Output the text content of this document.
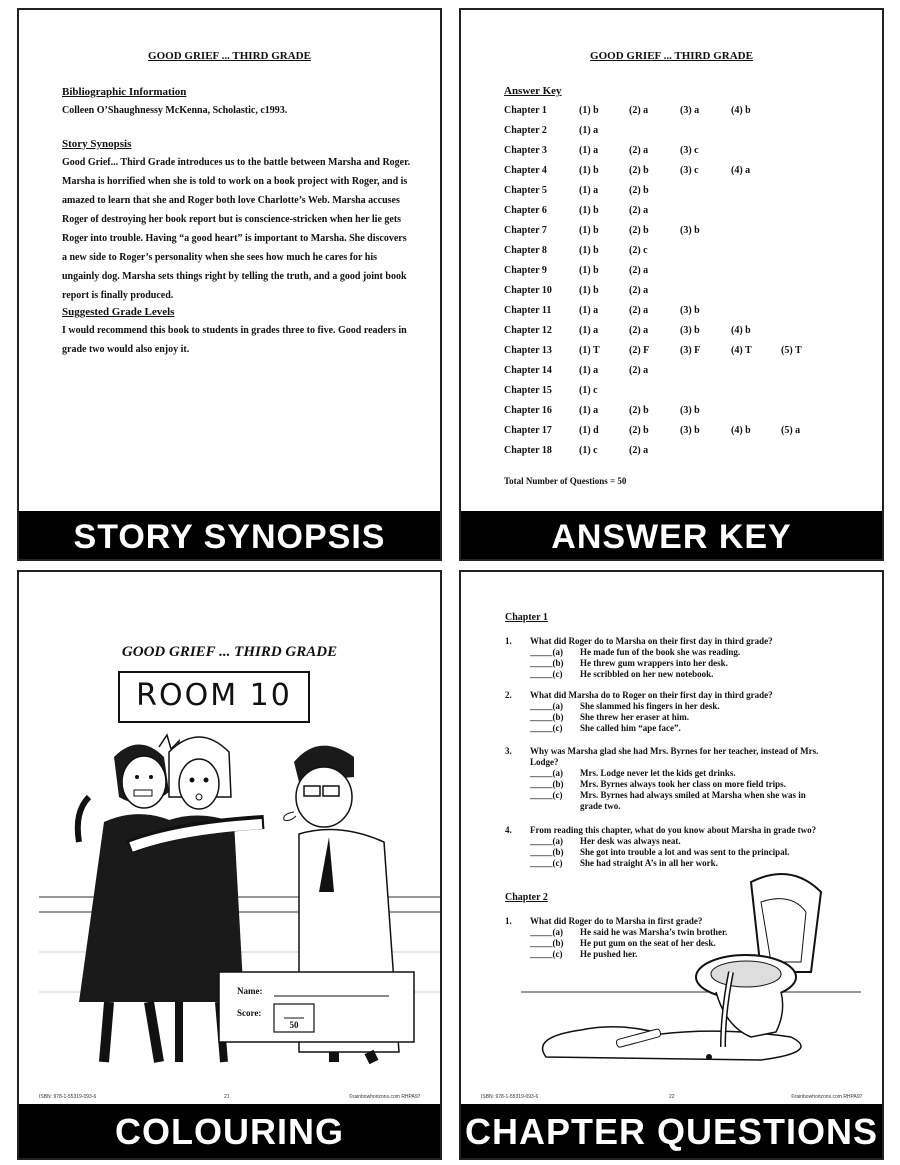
GOOD GRIEF ... THIRD GRADE
Bibliographic Information
Colleen O’Shaughnessy McKenna, Scholastic, c1993.
Story Synopsis
Good Grief... Third Grade introduces us to the battle between Marsha and Roger.
Marsha is horrified when she is told to work on a book project with Roger, and is
amazed to learn that she and Roger both love Charlotte’s Web. Marsha accuses
Roger of destroying her book report but is conscience-stricken when her lie gets
Roger into trouble. Having “a good heart” is important to Marsha. She discovers
a new side to Roger’s personality when she sees how much he cares for his
ungainly dog. Marsha sets things right by telling the truth, and a good joint book
report is finally produced.
Suggested Grade Levels
I would recommend this book to students in grades three to five. Good readers in
grade two would also enjoy it.
STORY SYNOPSIS
GOOD GRIEF ... THIRD GRADE
Answer Key
Chapter 1	(1) b	(2) a	(3) a	(4) b
Chapter 2	(1) a
Chapter 3	(1) a	(2) a	(3) c
Chapter 4	(1) b	(2) b	(3) c	(4) a
Chapter 5	(1) a	(2) b
Chapter 6	(1) b	(2) a
Chapter 7	(1) b	(2) b	(3) b
Chapter 8	(1) b	(2) c
Chapter 9	(1) b	(2) a
Chapter 10	(1) b	(2) a
Chapter 11	(1) a	(2) a	(3) b
Chapter 12	(1) a	(2) a	(3) b	(4) b
Chapter 13	(1) T	(2) F	(3) F	(4) T	(5) T
Chapter 14	(1) a	(2) a
Chapter 15	(1) c
Chapter 16	(1) a	(2) b	(3) b
Chapter 17	(1) d	(2) b	(3) b	(4) b	(5) a
Chapter 18	(1) c	(2) a
Total Number of Questions = 50
ANSWER KEY
GOOD GRIEF ... THIRD GRADE
ROOM 10
Name:
Score:
50
ISBN: 978-1-55319-093-6	21	©rainbowhorizons.com RHPA97
COLOURING
Chapter 1
1. What did Roger do to Marsha on their first day in third grade?
_____(a) He made fun of the book she was reading.
_____(b) He threw gum wrappers into her desk.
_____(c) He scribbled on her new notebook.
2. What did Marsha do to Roger on their first day in third grade?
_____(a) She slammed his fingers in her desk.
_____(b) She threw her eraser at him.
_____(c) She called him “ape face”.
3. Why was Marsha glad she had Mrs. Byrnes for her teacher, instead of Mrs.
Lodge?
_____(a) Mrs. Lodge never let the kids get drinks.
_____(b) Mrs. Byrnes always took her class on more field trips.
_____(c) Mrs. Byrnes had always smiled at Marsha when she was in
grade two.
4. From reading this chapter, what do you know about Marsha in grade two?
_____(a) Her desk was always neat.
_____(b) She got into trouble a lot and was sent to the principal.
_____(c) She had straight A’s in all her work.
Chapter 2
1. What did Roger do to Marsha in first grade?
_____(a) He said he was Marsha’s twin brother.
_____(b) He put gum on the seat of her desk.
_____(c) He pushed her.
ISBN: 978-1-55319-093-6	22	©rainbowhorizons.com RHPA97
CHAPTER QUESTIONS
